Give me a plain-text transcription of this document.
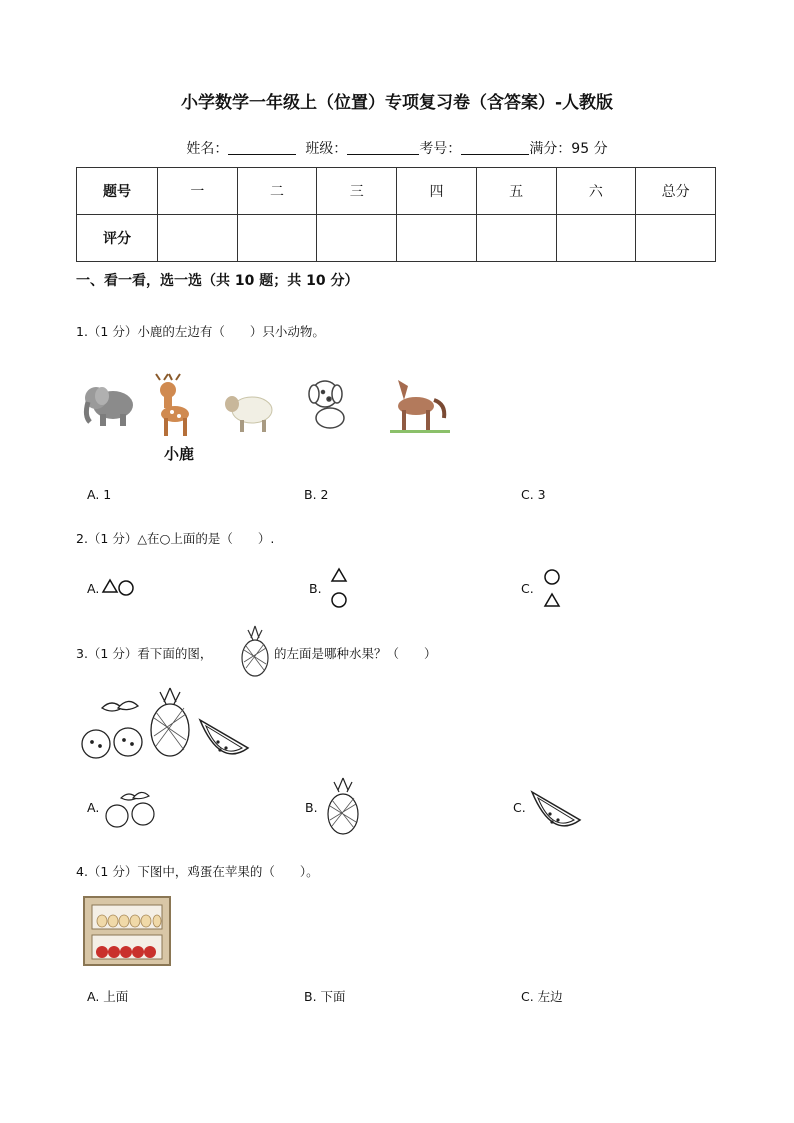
小学数学一年级上（位置）专项复习卷（含答案）-人教版
姓名：	班级：	考号：	满分：95 分
题号	一	二	三	四	五	六	总分
评分							
一、看一看，选一选（共 10 题；共 10 分）
1.（1 分）小鹿的左边有（　　）只小动物。
小鹿
A. 1	B. 2	C. 3
2.（1 分）△在○上面的是（　　）.
A.	B.	C.
3.（1 分）看下面的图，	的左面是哪种水果？（　　）
A.	B.	C.
4.（1 分）下图中，鸡蛋在苹果的（　　）。
A. 上面	B. 下面	C. 左边
